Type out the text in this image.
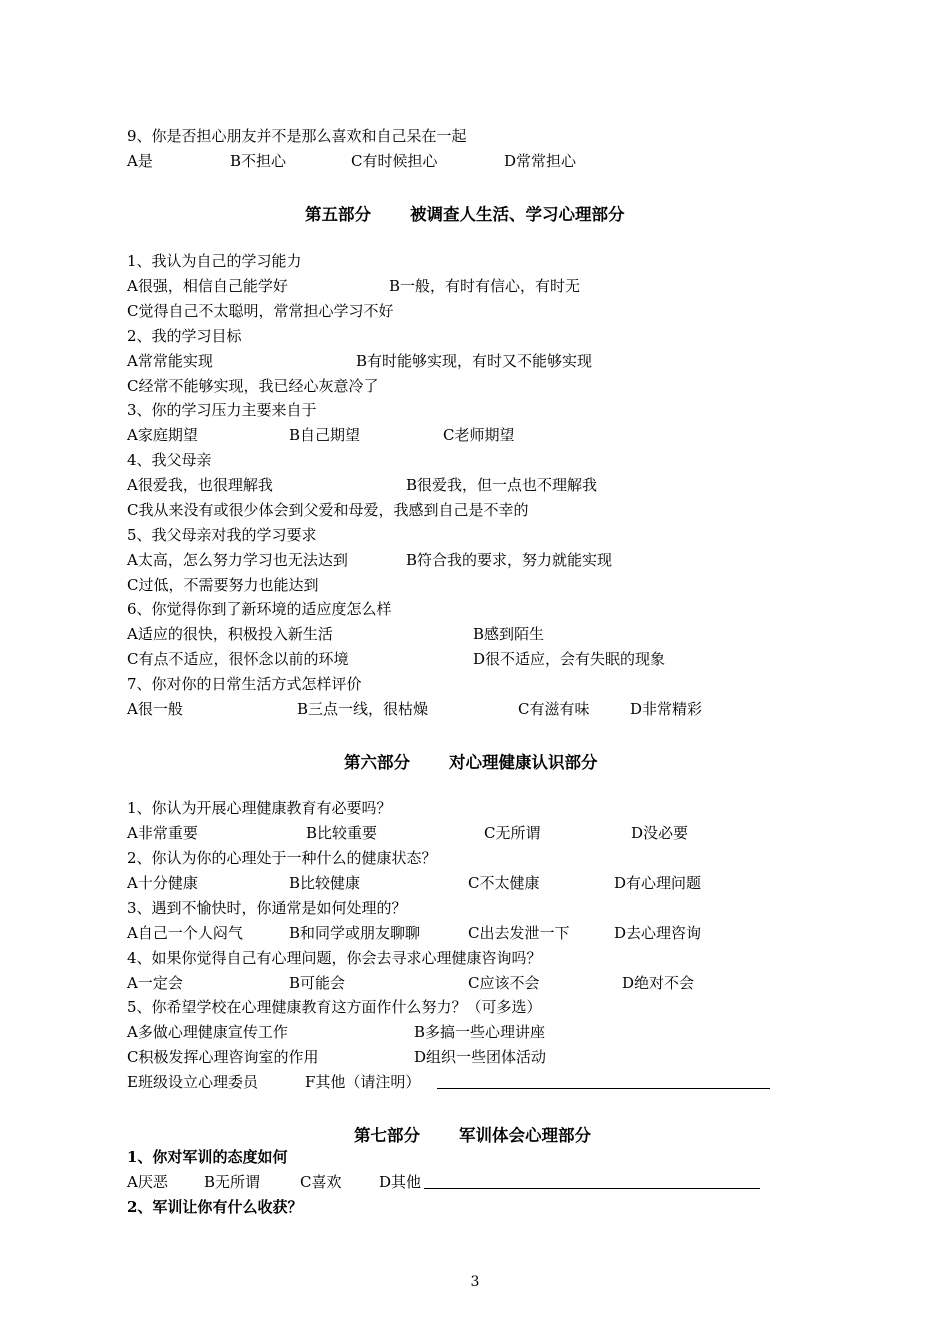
9、你是否担心朋友并不是那么喜欢和自己呆在一起
A是	B不担心	C有时候担心	D常常担心
第五部分 被调查人生活、学习心理部分
1、我认为自己的学习能力
A很强，相信自己能学好	B一般，有时有信心，有时无
C觉得自己不太聪明，常常担心学习不好
2、我的学习目标
A常常能实现	B有时能够实现，有时又不能够实现
C经常不能够实现，我已经心灰意冷了
3、你的学习压力主要来自于
A家庭期望	B自己期望	C老师期望
4、我父母亲
A很爱我，也很理解我	B很爱我，但一点也不理解我
C我从来没有或很少体会到父爱和母爱，我感到自己是不幸的
5、我父母亲对我的学习要求
A太高，怎么努力学习也无法达到	B符合我的要求，努力就能实现
C过低，不需要努力也能达到
6、你觉得你到了新环境的适应度怎么样
A适应的很快，积极投入新生活	B感到陌生
C有点不适应，很怀念以前的环境	D很不适应，会有失眠的现象
7、你对你的日常生活方式怎样评价
A很一般	B三点一线，很枯燥	C有滋有味	D非常精彩
第六部分 对心理健康认识部分
1、你认为开展心理健康教育有必要吗？
A非常重要	B比较重要	C无所谓	D没必要
2、你认为你的心理处于一种什么的健康状态？
A十分健康	B比较健康	C不太健康	D有心理问题
3、遇到不愉快时，你通常是如何处理的？
A自己一个人闷气	B和同学或朋友聊聊	C出去发泄一下	D去心理咨询
4、如果你觉得自己有心理问题，你会去寻求心理健康咨询吗？
A一定会	B可能会	C应该不会	D绝对不会
5、你希望学校在心理健康教育这方面作什么努力？（可多选）
A多做心理健康宣传工作	B多搞一些心理讲座
C积极发挥心理咨询室的作用	D组织一些团体活动
E班级设立心理委员	F其他（请注明）
第七部分 军训体会心理部分
1、你对军训的态度如何
A厌恶 B无所谓	C喜欢	D其他
2、军训让你有什么收获？
3
